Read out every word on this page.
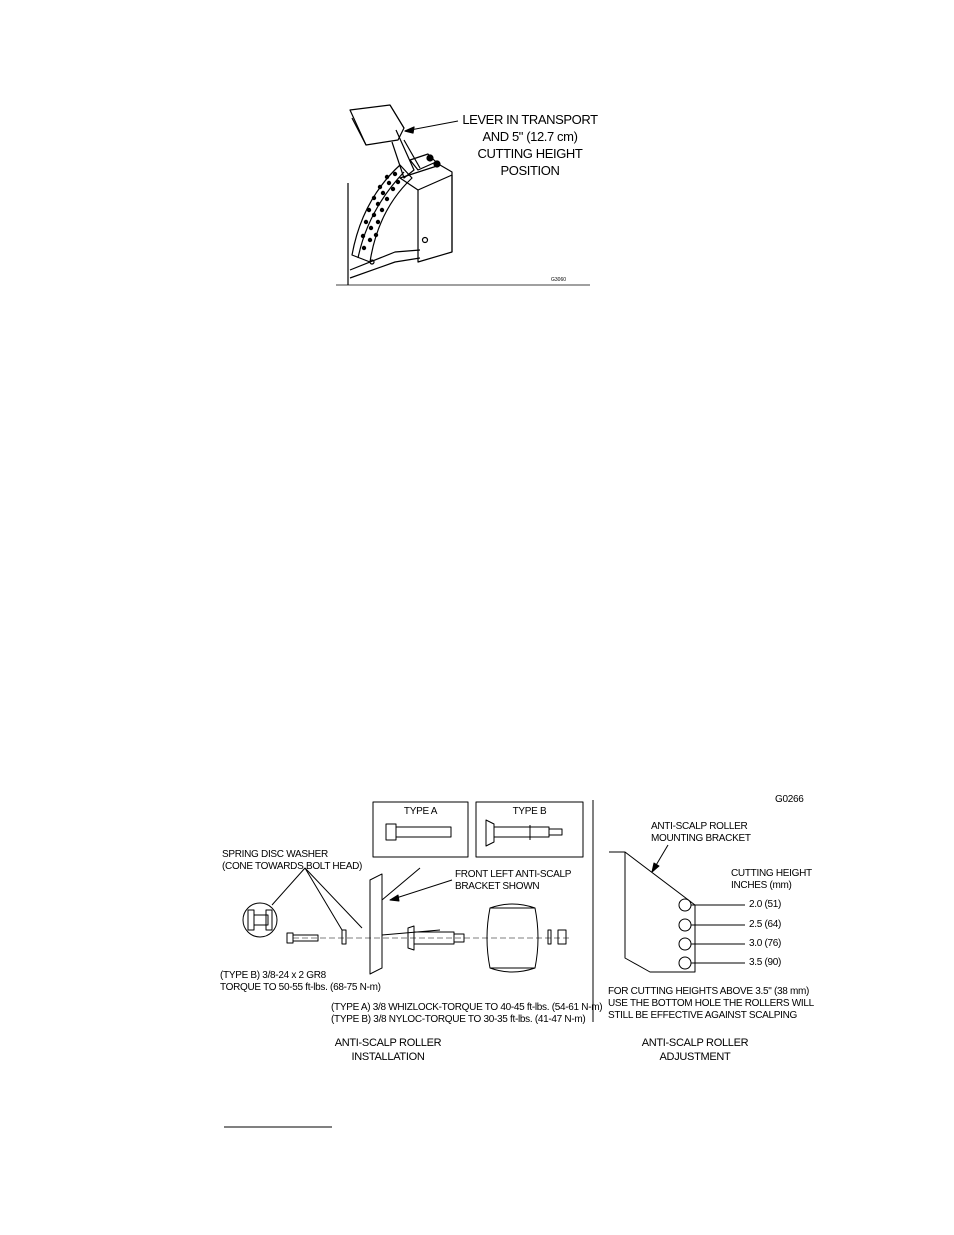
LEVER IN TRANSPORT
AND 5" (12.7 cm)
CUTTING HEIGHT
POSITION
G3060
G0266
TYPE A	TYPE B
SPRING DISC WASHER
(CONE TOWARDS BOLT HEAD)
FRONT LEFT ANTI-SCALP
BRACKET SHOWN
(TYPE B) 3/8-24 x 2 GR8
TORQUE TO 50-55 ft-lbs. (68-75 N-m)
(TYPE A) 3/8 WHIZLOCK-TORQUE TO 40-45 ft-lbs. (54-61 N-m)
(TYPE B) 3/8 NYLOC-TORQUE TO 30-35 ft-lbs. (41-47 N-m)
ANTI-SCALP ROLLER
INSTALLATION
ANTI-SCALP ROLLER
MOUNTING BRACKET
CUTTING HEIGHT
INCHES (mm)
2.0 (51)
2.5 (64)
3.0 (76)
3.5 (90)
FOR CUTTING HEIGHTS ABOVE 3.5" (38 mm)
USE THE BOTTOM HOLE THE ROLLERS WILL
STILL BE EFFECTIVE AGAINST SCALPING
ANTI-SCALP ROLLER
ADJUSTMENT
